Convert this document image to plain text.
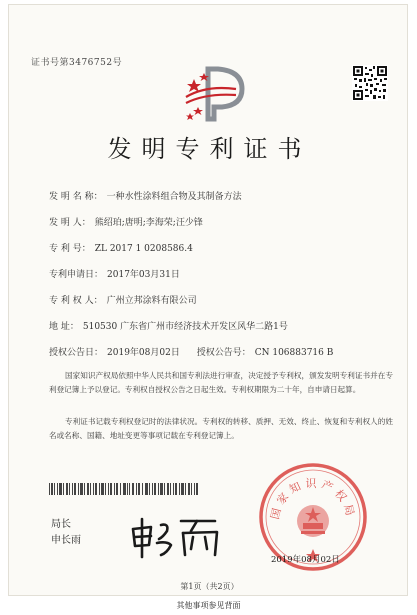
证书号第3476752号
发明专利证书
发 明 名 称： 一种水性涂料组合物及其制备方法
发 明 人： 熊绍珀;唐明;李海荣;汪少锋
专 利 号： ZL 2017 1 0208586.4
专利申请日： 2017年03月31日
专 利 权 人： 广州立邦涂料有限公司
地 址： 510530 广东省广州市经济技术开发区风华二路1号
授权公告日： 2019年08月02日 授权公告号： CN 106883716 B
国家知识产权局依照中华人民共和国专利法进行审查，决定授予专利权，颁发发明专利证书并在专利登记簿上予以登记。专利权自授权公告之日起生效。专利权期限为二十年，自申请日起算。
专利证书记载专利权登记时的法律状况。专利权的转移、质押、无效、终止、恢复和专利权人的姓名或名称、国籍、地址变更等事项记载在专利登记簿上。
局长
申长雨
国家知识产权局
2019年08月02日
第1页（共2页）
其他事项参见背面
